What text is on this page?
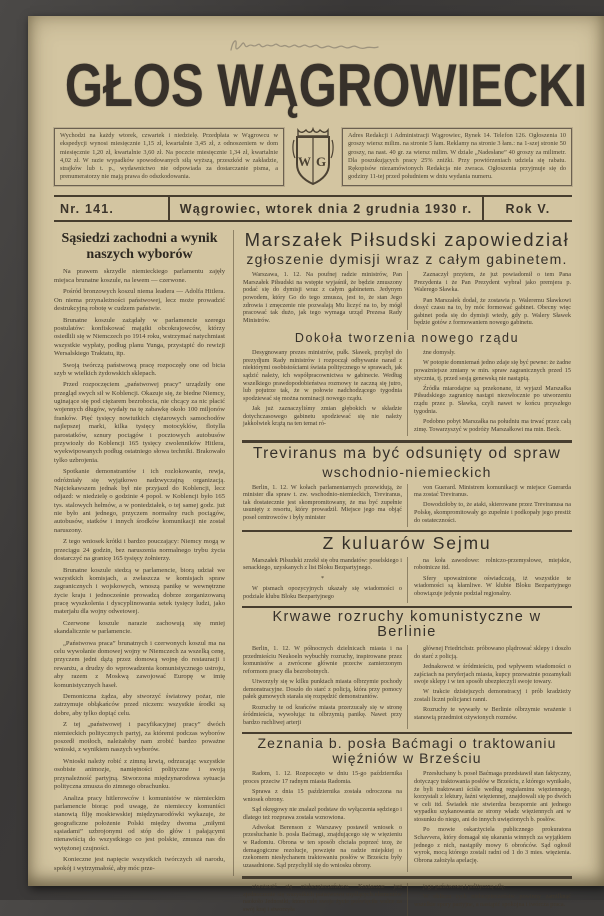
GŁOS WĄGROWIECKI
Wychodzi na każdy wtorek, czwartek i niedzielę. Przedpłata w Wągrowcu w ekspedycji wynosi miesięcznie 1,15 zł, kwartalnie 3,45 zł, z odnoszeniem w dom miesięcznie 1,20 zł, kwartalnie 3,60 zł. Na poczcie miesięcznie 1,34 zł, kwartalnie 4,02 zł. W razie wypadków spowodowanych siłą wyższą, przeszkód w zakładzie, strajków lub t. p., wydawnictwo nie odpowiada za dostarczanie pisma, a prenumeratorzy nie mają prawa do odszkodowania.
W G
Adres Redakcji i Administracji Wągrowiec, Rynek 14. Telefon 126. Ogłoszenia 10 groszy wiersz milim. na stronie 5 łam. Reklamy na stronie 3 łam.: na 1-szej stronie 50 groszy, na nast. 40 gr. za wiersz milim. W dziale „Nadesłane” 40 groszy za milimetr. Dla poszukujących pracy 25% zniżki. Przy powtórzeniach udziela się rabatu. Rękopisów niezamówionych Redakcja nie zwraca. Ogłoszenia przyjmuje się do godziny 11-tej przed południem w dniu wydania numeru.
Nr. 141.	Wągrowiec, wtorek dnia 2 grudnia 1930 r.	Rok V.
Sąsiedzi zachodni a wynik
naszych wyborów

Na prawem skrzydle niemieckiego parlamentu zajęły miejsca brunatne koszule, na lewem — czerwone.

Pośród bronzowych koszul niema leadera — Adolfa Hitlera. On niema przynależności państwowej, lecz może prowadzić destrukcyjną robotę w cudzem państwie.

Brunatne koszule zażądały w parlamencie szeregu postulatów: konfiskować majątki obcokrajowców, którzy osiedlili się w Niemczech po 1914 roku, wstrzymać natychmiast wszystkie wypłaty, podług planu Yunga, przystąpić do rewizji Wersalskiego Traktatu, itp.

Swoją twórczą państwową pracę rozpoczęły one od bicia szyb w wielkich żydowskich sklepach.

Przed rozpoczęciem „państwowej pracy” urządziły one przegląd swych sił w Koblencji. Okazuje się, że biedne Niemcy, uginające się pod ciężarem bezrobocia, nie chcący za nic płacić wojennych długów, wydały na tę zabawkę około 100 miljonów franków. Pięć tysięcy nowiutkich ciężarowych samochodów najlepszej marki, kilka tysięcy motocyklów, flotylla parostatków, sznury pociągów i pocztowych autobusów przywiozły do Koblencji 165 tysięcy zwolenników Hitlera, wyekwipowanych podług ostatniego słowa techniki. Brakowało tylko uzbrojenia.

Spotkanie demonstrantów i ich rozlokowanie, rewja, odróżniały się wyjątkowo nadzwyczajną organizacją. Najciekawszem jednak był nie przyjazd do Koblencji, lecz odjazd: w niedzielę o godzinie 4 popoł. w Koblencji było 165 tys. stalowych hełmów, a w poniedziałek, o tej samej godz. już nie było ani jednego, przyczem normalny ruch pociągów, autobusów, statków i innych środków komunikacji nie został naruszony.

Z tego wniosek krótki i bardzo pouczający: Niemcy mogą w przeciągu 24 godzin, bez naruszenia normalnego trybu życia dostarczyć na granicę 165 tysięcy żołnierzy.

Brunatne koszule siedzą w parlamencie, biorą udział we wszystkich komisjach, a zwłaszcza w komisjach spraw zagranicznych i wojskowych, wnoszą panikę w wewnętrzne życie kraju i jednocześnie prowadzą dobrze zorganizowaną pracę wyszkolenia i dyscyplinowania setek tysięcy ludzi, jako materjału dla wojny odwetowej.

Czerwone koszule narazie zachowują się mniej skandalicznie w parlamencie.

„Państwowa praca” brunatnych i czerwonych koszul ma na celu wywołanie domowej wojny w Niemczech za wszelką cenę, przyczem jedni dążą przez domową wojnę do restauracji i rewanżu, a drudzy do wprowadzenia komunistycznego ustroju, aby razem z Moskwą zawojować Europę w imię komunistycznych haseł.

Demoniczna żądza, aby stworzyć światowy pożar, nie zatrzymuje obłąkańców przed niczem: wszystkie środki są dobre, aby tylko dopiąć celu.

Z tej „państwowej i pacyfikacyjnej pracy” dwóch niemieckich politycznych partyj, za któremi podczas wyborów poszedł motłoch, należałoby nam zrobić bardzo poważne wnioski, z wynikiem naszych wyborów.

Wnioski należy robić z zimną krwią, odrzucając wszystkie osobiste animozje, namiętności polityczne i swoją przynależność partyjną. Stworzona międzynarodowa sytuacja polityczna zmusza do zimnego obrachunku.

Analiza pracy hitlerowców i komunistów w niemieckim parlamencie biorąc pod uwagę, że niemieccy komuniści stanowią filję moskiewskiej międzynarodówki wykazuje, że geograficzne położenie Polski między dwoma „miłymi sąsiadami” uzbrojonymi od stóp do głów i pałającymi nienawiścią do wszystkiego co jest polskie, zmusza nas do wytężonej czujności.

Konieczne jest napięcie wszystkich twórczych sił narodu, spokój i wytrzymałość, aby móc prze-

Marszałek Piłsudski zapowiedział
zgłoszenie dymisji wraz z całym gabinetem.

Warszawa, 1. 12. Na poufnej radzie ministrów, Pan Marszałek Piłsudski na wstępie wyjaśnił, że będzie zmuszony podać się do dymisji wraz z całym gabinetem. Jedynym powodem, który Go do tego zmusza, jest to, że stan Jego zdrowia i zmęczenie nie pozwalają Mu liczyć na to, by mógł pracować tak dużo, jak tego wymaga urząd Prezesa Rady Ministrów.

Zaznaczył przytem, że już powiadomił o tem Pana Prezydenta i że Pan Prezydent wybrał jako premjera p. Walerego Sławka.

Pan Marszałek dodał, że zostawia p. Waleremu Sławkowi dosyć czasu na to, by móc formować gabinet. Obecny więc gabinet poda się do dymisji wtedy, gdy p. Walery Sławek będzie gotów z formowaniem nowego gabinetu.

Dokoła tworzenia nowego rządu

Desygnowany prezes ministrów, pułk. Sławek, przybył do prezydjum Rady ministrów i rozpoczął odbywanie narad z niektórymi osobistościami świata politycznego w sprawach, jak sądzić należy, ich współpracownictwa w gabinecie. Według wszelkiego prawdopodobieństwa rozmowy te zaczną się jutro, lub pojutrze tak, że w połowie nadchodzącego tygodnia spodziewać się można nominacji nowego rządu.

Jak już zaznaczyliśmy zmian głębokich w składzie dotychczasowego gabinetu spodziewać się nie należy jakkolwiek krążą na ten temat ró-

żne domysły.

W potopie domniemań jedno zdaje się być pewne: że żadne poważniejsze zmiany w min. spraw zagranicznych przed 15 stycznia, tj. przed sesją genewską nie nastąpią.

Źródła miarodajne są przekonane, iż wyjazd Marszałka Piłsudskiego zagranicę nastąpi niezwłocznie po utworzeniu rządu przez p. Sławka, czyli nawet w końcu przyszłego tygodnia.

Podobno pobyt Marszałka na południu ma trwać przez całą zimę. Towarzyszyć w podróży Marszałkowi ma min. Beck.

Treviranus ma być odsunięty od spraw
wschodnio-niemieckich

Berlin, 1. 12. W kołach parlamentarnych przewidują, że minister dla spraw t. zw. wschodnio-niemieckich, Treviranus, tak dostatecznie jest skompromitowany, że ma być zupełnie usunięty z resortu, który prowadził. Miejsce jego ma objąć poseł centrowców i były minister

von Guerard. Ministrem komunikacji w miejsce Guerarda ma zostać Treviranus.

Dowodziłoby to, że ataki, skierowane przez Treviranusa na Polskę, skompromitowały go zupełnie i podkopały jego prestiż do ostateczności.

Z kuluarów Sejmu

Marszałek Piłsudski zrzekł się obu mandatów: poselskiego i senackiego, uzyskanych z list Bloku Bezpartyjnego.

*

W pismach opozycyjnych ukazały się wiadomości o podziale klubu Bloku Bezpartyjnego

na koła zawodowe: rolniczo-przemysłowe, miejskie, robotnicze itd.

Sfery upoważnione oświadczają, iż wszystkie te wiadomości są kłamliwe. W klubie Bloku Bezpartyjnego obowiązuje jedynie podział regjonalny.

Krwawe rozruchy komunistyczne w Berlinie

Berlin, 1. 12. W północnych dzielnicach miasta i na przedmieściu Neukoeln wybuchły rozruchy, inspirowane przez komunistów a zwrócone głównie przeciw zamierzonym reformom pracy dla bezrobotnych.

Utworzyły się w kilku punktach miasta olbrzymie pochody demonstracyjne. Doszło do starć z policją, która przy pomocy pałek gumowych starała się rozpędzić demonstrantów.

Rozruchy te od krańców miasta przerzucały się w stronę śródmieścia, wywołując tu olbrzymią panikę. Nawet przy bardzo ruchliwej arterji

głównej Friedrichstr. próbowano plądrować sklepy i doszło do starć z policją.

Jednakowoż w śródmieściu, pod wpływem wiadomości o zajściach na peryferjach miasta, kupcy przeważnie pozamykali swoje sklepy i w ten sposób ubezpieczyli swoje towary.

W trakcie dzisiejszych demonstracyj i prób kradzieży zostali liczni policjanci ranni.

Rozruchy te wywarły w Berlinie olbrzymie wrażenie i stanowią przedmiot ożywionych rozmów.

Zeznania b. posła Baćmagi o traktowaniu
więźniów w Brześciu

Radom, 1. 12. Rozpoczęto w dniu 15-go października proces przeciw 17 radnym miasta Radomia.

Sprawa z dnia 15 października została odroczona na wniosek obrony.

Sąd okręgowy nie znalazł podstaw do wyłączenia sędziego i dlatego też rozprawa została wznowiona.

Adwokat Berenson z Warszawy postawił wniosek o przesłuchanie b. posła Baćmagi, znajdującego się w więzieniu w Radomiu. Obrona w ten sposób chciała poprzeć tezę, że demagogiczne rezolucje, powzięte na radzie miejskiej o rzekomem niesłychanem traktowaniu posłów w Brześciu były uzasadnione. Sąd przychylił się do wniosku obrony.

Przesłuchany b. poseł Baćmaga przedstawił stan faktyczny, dotyczący traktowania posłów w Brześciu, z którego wynikało, że byli traktowani ściśle według regulaminu więziennego, korzystali z lektury, łaźni więziennej, znajdowali się po dwóch w celi itd. Świadek nie stwierdza bezspornie ani jednego wypadku szykanowania ze strony władz więziennych ani w stosunku do niego, ani do innych uwięzionych b. posłów.

Po mowie oskarżyciela publicznego prokuratora Schavvera, który domagał się ukarania winnych za wyjątkiem jednego z nich, nastąpiły mowy 6 obrońców. Sąd ogłosił wyrok, mocą którego zostali radni od 1 do 3 mies. więzienia. Obrona założyła apelację.

ciwstawić się niebezpieczeństwu. Konieczne jest zjednoczenie się wszystkich państwowo myślących elementów naokoło Jednostki, która całe swoje życie poświęciła walce za swój kraj i stworzyła

jego państwową i polityczną siłę.

W obliczu tych niebezpieczeństw powinny zamilknąć wszelkie spory partyjne, a nastąpić spokojna i twórcza praca.
